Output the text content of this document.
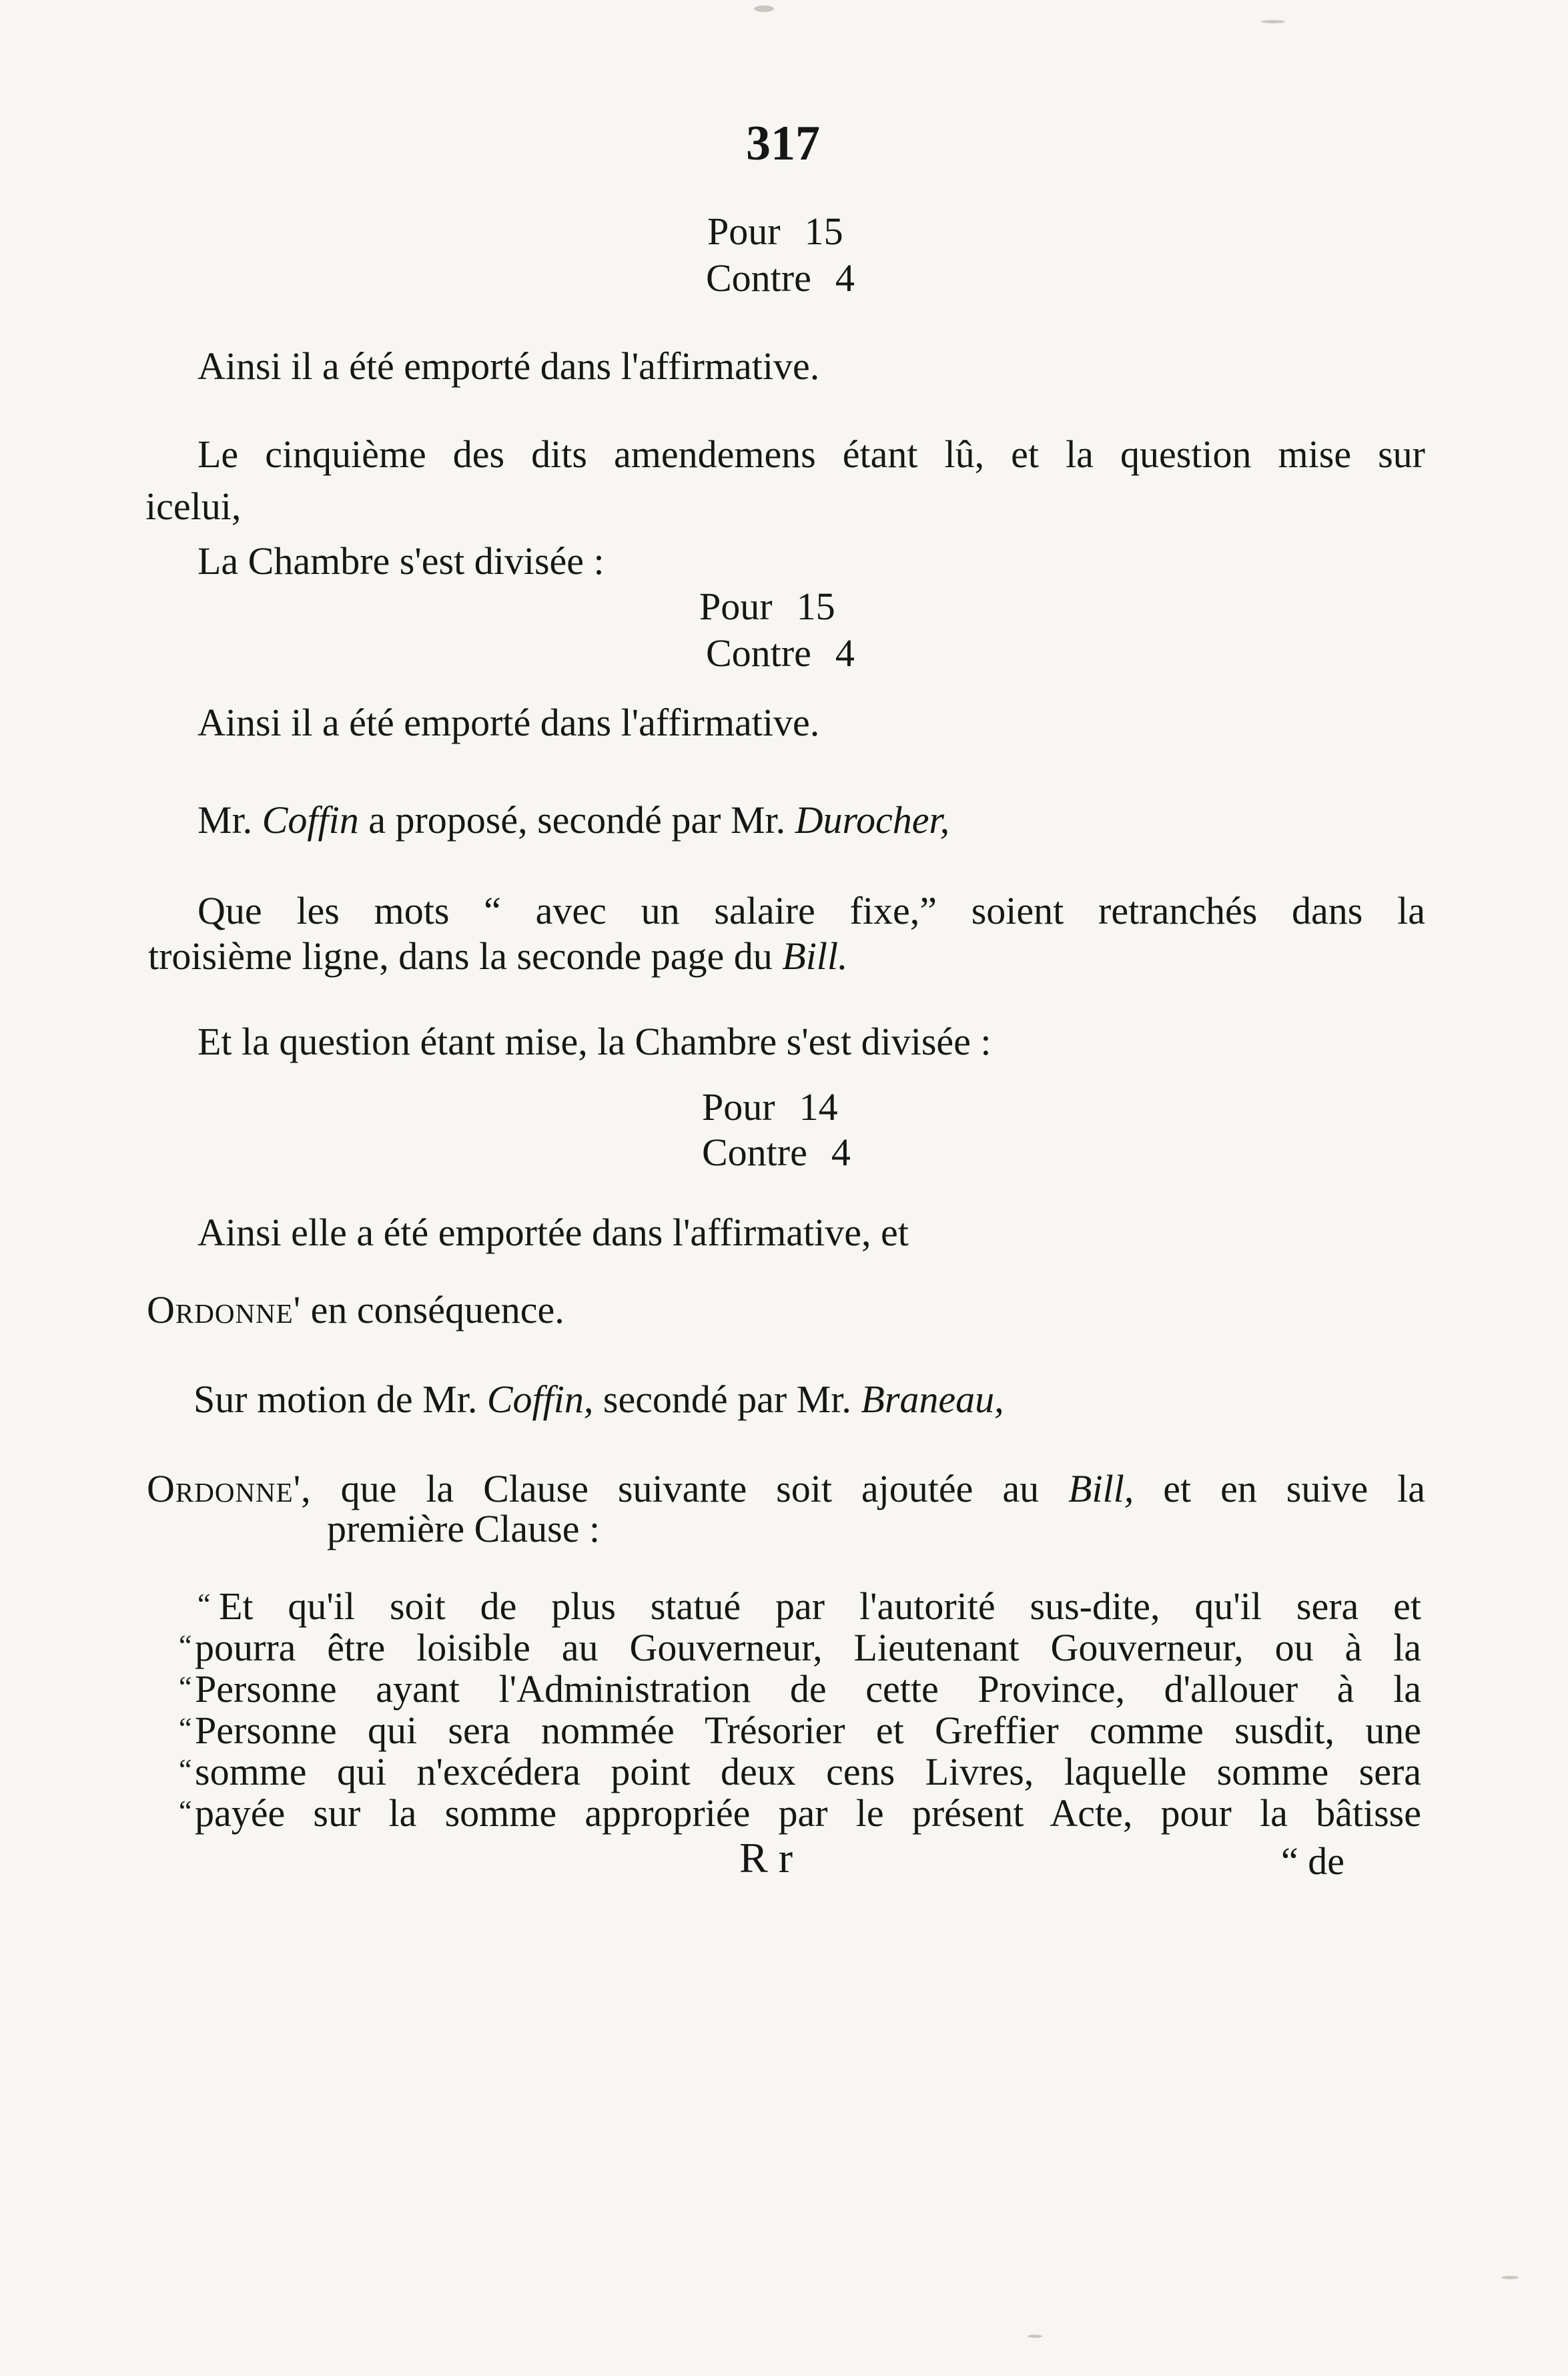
317
Pour 15
Contre 4
Ainsi il a été emporté dans l'affirmative.
Le cinquième des dits amendemens étant lû, et la question mise sur
icelui,
La Chambre s'est divisée :
Pour 15
Contre 4
Ainsi il a été emporté dans l'affirmative.
Mr. Coffin a proposé, secondé par Mr. Durocher,
Que les mots “ avec un salaire fixe,” soient retranchés dans la
troisième ligne, dans la seconde page du Bill.
Et la question étant mise, la Chambre s'est divisée :
Pour 14
Contre 4
Ainsi elle a été emportée dans l'affirmative, et
Ordonne' en conséquence.
Sur motion de Mr. Coffin, secondé par Mr. Braneau,
Ordonne', que la Clause suivante soit ajoutée au Bill, et en suive la
première Clause :
“
“
“
“
“
“
Et qu'il soit de plus statué par l'autorité sus-dite, qu'il sera et
pourra être loisible au Gouverneur, Lieutenant Gouverneur, ou à la
Personne ayant l'Administration de cette Province, d'allouer à la
Personne qui sera nommée Trésorier et Greffier comme susdit, une
somme qui n'excédera point deux cens Livres, laquelle somme sera
payée sur la somme appropriée par le présent Acte, pour la bâtisse
R r	“ de
